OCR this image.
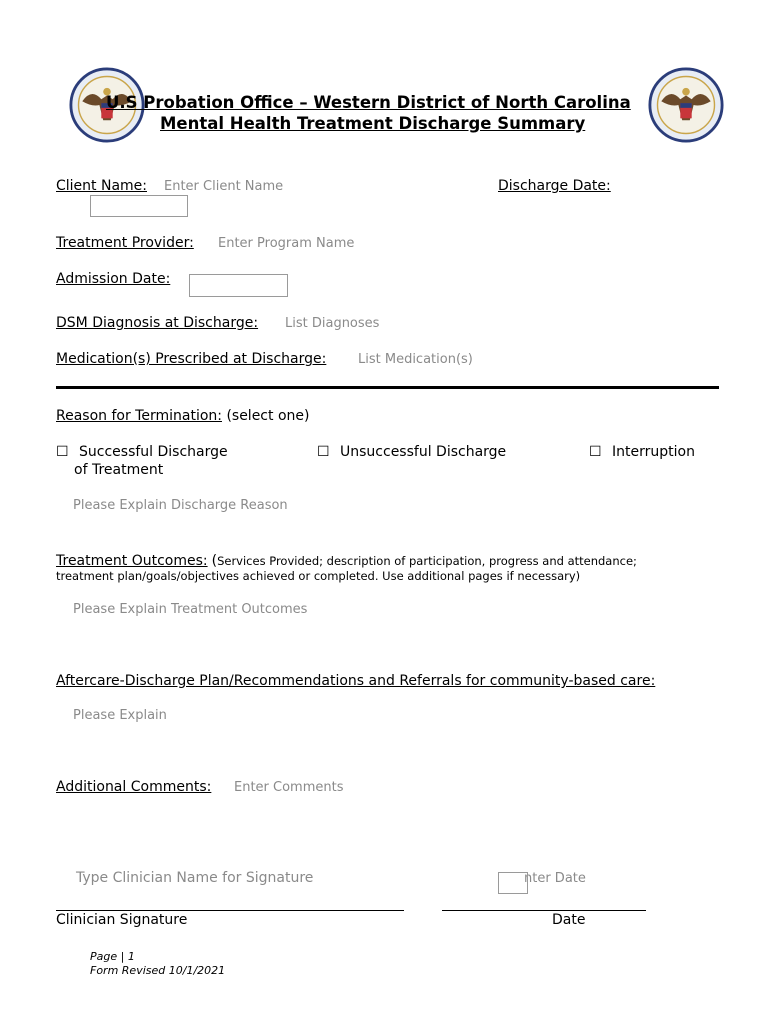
U.S Probation Office – Western District of North Carolina
Mental Health Treatment Discharge Summary
Client Name: Enter Client Name	Discharge Date:
Treatment Provider: Enter Program Name
Admission Date:
DSM Diagnosis at Discharge: List Diagnoses
Medication(s) Prescribed at Discharge: List Medication(s)
Reason for Termination: (select one)
☐ Successful Discharge
of Treatment
☐ Unsuccessful Discharge	☐ Interruption
Please Explain Discharge Reason
Treatment Outcomes: (Services Provided; description of participation, progress and attendance;
treatment plan/goals/objectives achieved or completed. Use additional pages if necessary)
Please Explain Treatment Outcomes
Aftercare-Discharge Plan/Recommendations and Referrals for community-based care:
Please Explain
Additional Comments: Enter Comments
Type Clinician Name for Signature	nter Date
Clinician Signature	Date
Page | 1
Form Revised 10/1/2021
